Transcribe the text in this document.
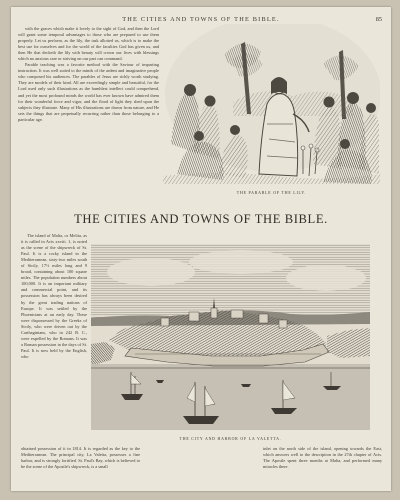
THE CITIES AND TOWNS OF THE BIBLE.	85

with the graces which make it lovely to the sight of God, and then the Lord will grant some temporal advantages to those who are prepared to use them properly. Let us perform, as the lily, the task allotted us, which is to make the best use for ourselves and for the world of the faculties God has given us, and then He that decketh the lily with beauty will crown our lives with blessings which no anxious care or striving on our part can command.

Parable teaching was a favorite method with the Saviour of imparting instruction. It was well suited to the minds of the ardent and imaginative people who composed his audiences. The parables of Jesus are richly worth studying. They are models of their kind. All are exceedingly simple and beautiful, for the Lord used only such illustrations as the humblest intellect could comprehend, and yet the most profound minds the world has ever known have admired them for their wonderful force and vigor, and the flood of light they shed upon the subjects they illustrate. Many of His illustrations are drawn from nature, and He sets the things that are perpetually recurring rather than those belonging to a particular age.

THE PARABLE OF THE LILY.
THE CITIES AND TOWNS OF THE BIBLE.

The island of Malta, or Melita, as it is called in Acts xxviii. 1, is noted as the scene of the shipwreck of St. Paul. It is a rocky island in the Mediterranean, sixty-two miles south of Sicily, 17½ miles long and 9 broad, containing about 100 square miles. The population numbers about 100,000. It is an important military and commercial point, and its possession has always been desired by the great trading nations of Europe. It was settled by the Phoenicians at an early day. These were dispossessed by the Greeks of Sicily, who were driven out by the Carthaginians, who in 242 B. C., were expelled by the Romans. It was a Roman possession in the days of St. Paul. It is now held by the English, who

THE CITY AND HARBOR OF LA VALETTA.

obtained possession of it in 1814. It is regarded as the key to the Mediterranean. The principal city, La Valetta, possesses a fine harbor, and is strongly fortified. St. Paul's Bay, which is believed to be the scene of the Apostle's shipwreck, is a small

inlet on the north side of the island, opening towards the East, which answers well to the description in the 27th chapter of Acts. The Apostle spent three months at Malta, and performed many miracles there.
